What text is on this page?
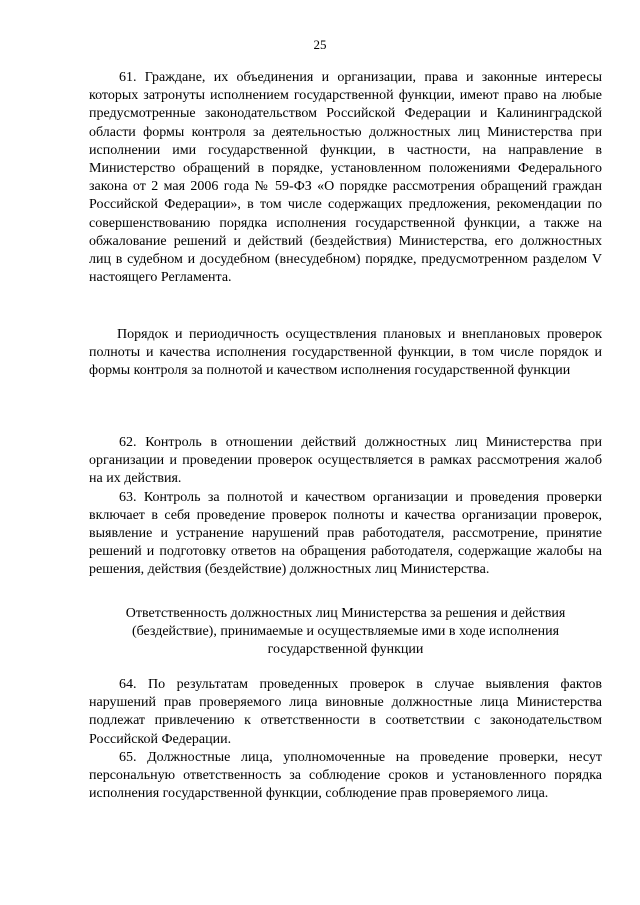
25

61. Граждане, их объединения и организации, права и законные интересы которых затронуты исполнением государственной функции, имеют право на любые предусмотренные законодательством Российской Федерации и Калининградской области формы контроля за деятельностью должностных лиц Министерства при исполнении ими государственной функции, в частности, на направление в Министерство обращений в порядке, установленном положениями Федерального закона от 2 мая 2006 года № 59-ФЗ «О порядке рассмотрения обращений граждан Российской Федерации», в том числе содержащих предложения, рекомендации по совершенствованию порядка исполнения государственной функции, а также на обжалование решений и действий (бездействия) Министерства, его должностных лиц в судебном и досудебном (внесудебном) порядке, предусмотренном разделом V настоящего Регламента.

Порядок и периодичность осуществления плановых и внеплановых проверок полноты и качества исполнения государственной функции, в том числе порядок и формы контроля за полнотой и качеством исполнения государственной функции

62. Контроль в отношении действий должностных лиц Министерства при организации и проведении проверок осуществляется в рамках рассмотрения жалоб на их действия.

63. Контроль за полнотой и качеством организации и проведения проверки включает в себя проведение проверок полноты и качества организации проверок, выявление и устранение нарушений прав работодателя, рассмотрение, принятие решений и подготовку ответов на обращения работодателя, содержащие жалобы на решения, действия (бездействие) должностных лиц Министерства.

Ответственность должностных лиц Министерства за решения и действия

(бездействие), принимаемые и осуществляемые ими в ходе исполнения

государственной функции

64. По результатам проведенных проверок в случае выявления фактов нарушений прав проверяемого лица виновные должностные лица Министерства подлежат привлечению к ответственности в соответствии с законодательством Российской Федерации.

65. Должностные лица, уполномоченные на проведение проверки, несут персональную ответственность за соблюдение сроков и установленного порядка исполнения государственной функции, соблюдение прав проверяемого лица.
